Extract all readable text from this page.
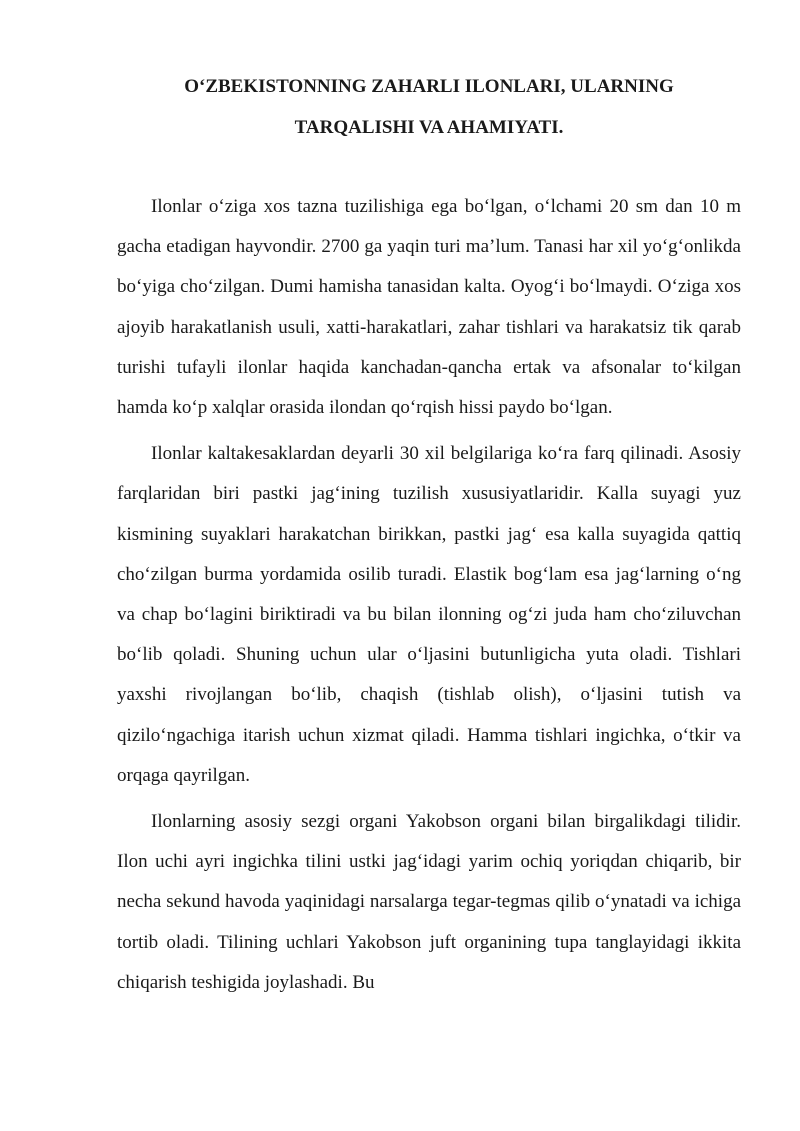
O‘ZBEKISTONNING ZAHARLI ILONLARI, ULARNING
TARQALISHI VA AHAMIYATI.

Ilonlar o‘ziga xos tazna tuzilishiga ega bo‘lgan, o‘lchami 20 sm dan 10 m gacha etadigan hayvondir. 2700 ga yaqin turi ma’lum. Tanasi har xil yo‘g‘onlikda bo‘yiga cho‘zilgan. Dumi hamisha tanasidan kalta. Oyog‘i bo‘lmaydi. O‘ziga xos ajoyib harakatlanish usuli, xatti-harakatlari, zahar tishlari va harakatsiz tik qarab turishi tufayli ilonlar haqida kanchadan-qancha ertak va afsonalar to‘kilgan hamda ko‘p xalqlar orasida ilondan qo‘rqish hissi paydo bo‘lgan.

Ilonlar kaltakesaklardan deyarli 30 xil belgilariga ko‘ra farq qilinadi. Asosiy farqlaridan biri pastki jag‘ining tuzilish xususiyatlaridir. Kalla suyagi yuz kismining suyaklari harakatchan birikkan, pastki jag‘ esa kalla suyagida qattiq cho‘zilgan burma yordamida osilib turadi. Elastik bog‘lam esa jag‘larning o‘ng va chap bo‘lagini biriktiradi va bu bilan ilonning og‘zi juda ham cho‘ziluvchan bo‘lib qoladi. Shuning uchun ular o‘ljasini butunligicha yuta oladi. Tishlari yaxshi rivojlangan bo‘lib, chaqish (tishlab olish), o‘ljasini tutish va qizilo‘ngachiga itarish uchun xizmat qiladi. Hamma tishlari ingichka, o‘tkir va orqaga qayrilgan.

Ilonlarning asosiy sezgi organi Yakobson organi bilan birgalikdagi tilidir. Ilon uchi ayri ingichka tilini ustki jag‘idagi yarim ochiq yoriqdan chiqarib, bir necha sekund havoda yaqinidagi narsalarga tegar-tegmas qilib o‘ynatadi va ichiga tortib oladi. Tilining uchlari Yakobson juft organining tupa tanglayidagi ikkita chiqarish teshigida joylashadi. Bu
